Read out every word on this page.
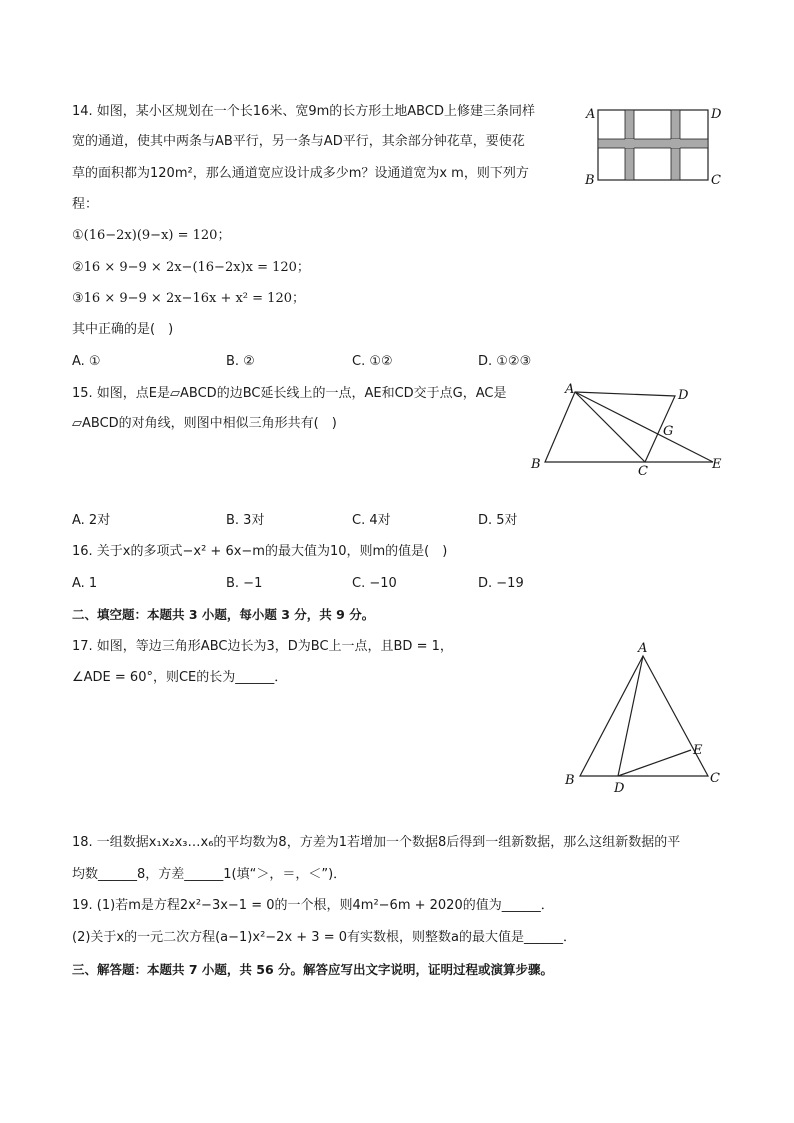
14. 如图，某小区规划在一个长16米、宽9m的长方形土地ABCD上修建三条同样
宽的通道，使其中两条与AB平行，另一条与AD平行，其余部分钟花草，要使花
草的面积都为120m²，那么通道宽应设计成多少m？设通道宽为x m，则下列方
程：
①(16−2x)(9−x) = 120；
②16 × 9−9 × 2x−(16−2x)x = 120；
③16 × 9−9 × 2x−16x + x² = 120；
其中正确的是(　)
A. ①	B. ②	C. ①②	D. ①②③
A	D
B	C
15. 如图，点E是▱ABCD的边BC延长线上的一点，AE和CD交于点G，AC是
▱ABCD的对角线，则图中相似三角形共有(　)
A. 2对	B. 3对	C. 4对	D. 5对
A	D
G
B	C	E
16. 关于x的多项式−x² + 6x−m的最大值为10，则m的值是(　)
A. 1	B. −1	C. −10	D. −19
二、填空题：本题共 3 小题，每小题 3 分，共 9 分。
17. 如图，等边三角形ABC边长为3，D为BC上一点，且BD = 1，
∠ADE = 60°，则CE的长为______．
A
B
D
C
E
18. 一组数据x₁x₂x₃…x₆的平均数为8，方差为1若增加一个数据8后得到一组新数据，那么这组新数据的平
均数______8，方差______1(填“＞，＝，＜”)．
19. (1)若m是方程2x²−3x−1 = 0的一个根，则4m²−6m + 2020的值为______．
(2)关于x的一元二次方程(a−1)x²−2x + 3 = 0有实数根，则整数a的最大值是______．
三、解答题：本题共 7 小题，共 56 分。解答应写出文字说明，证明过程或演算步骤。
